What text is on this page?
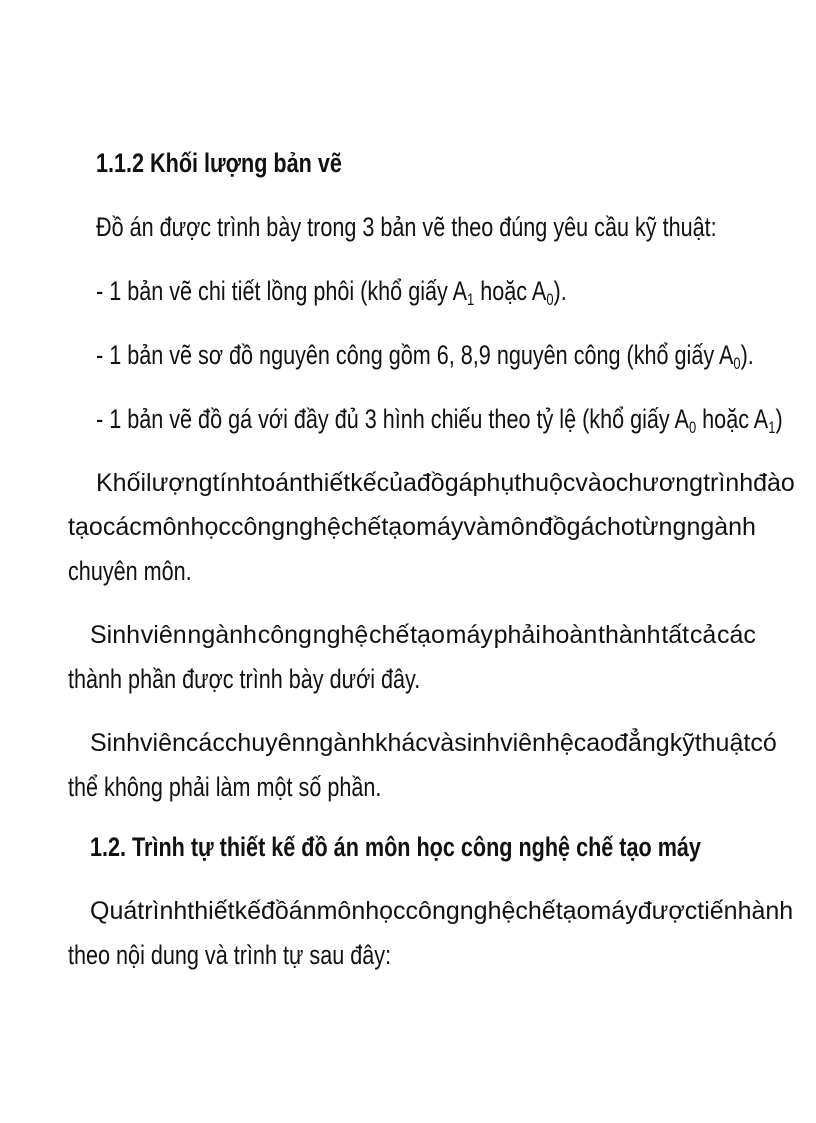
1.1.2 Khối lượng bản vẽ
Đồ án được trình bày trong 3 bản vẽ theo đúng yêu cầu kỹ thuật:
- 1 bản vẽ chi tiết lồng phôi (khổ giấy $A_1$ hoặc $A_0$).
- 1 bản vẽ sơ đồ nguyên công gồm 6, 8,9 nguyên công (khổ giấy $A_0$).
- 1 bản vẽ đồ gá với đầy đủ 3 hình chiếu theo tỷ lệ (khổ giấy $A_0$ hoặc $A_1$)
Khối lượng tính toán thiết kế của đồ gá phụ thuộc vào chương trình đào
tạo các môn học công nghệ chế tạo máy và môn đồ gá cho từng ngành
chuyên môn.
Sinh viên ngành công nghệ chế tạo máy phải hoàn thành tất cả các
thành phần được trình bày dưới đây.
Sinh viên các chuyên ngành khác và sinh viên hệ cao đẳng kỹ thuật có
thể không phải làm một số phần.
1.2. Trình tự thiết kế đồ án môn học công nghệ chế tạo máy
Quá trình thiết kế đồ án môn học công nghệ chế tạo máy được tiến hành
theo nội dung và trình tự sau đây:
